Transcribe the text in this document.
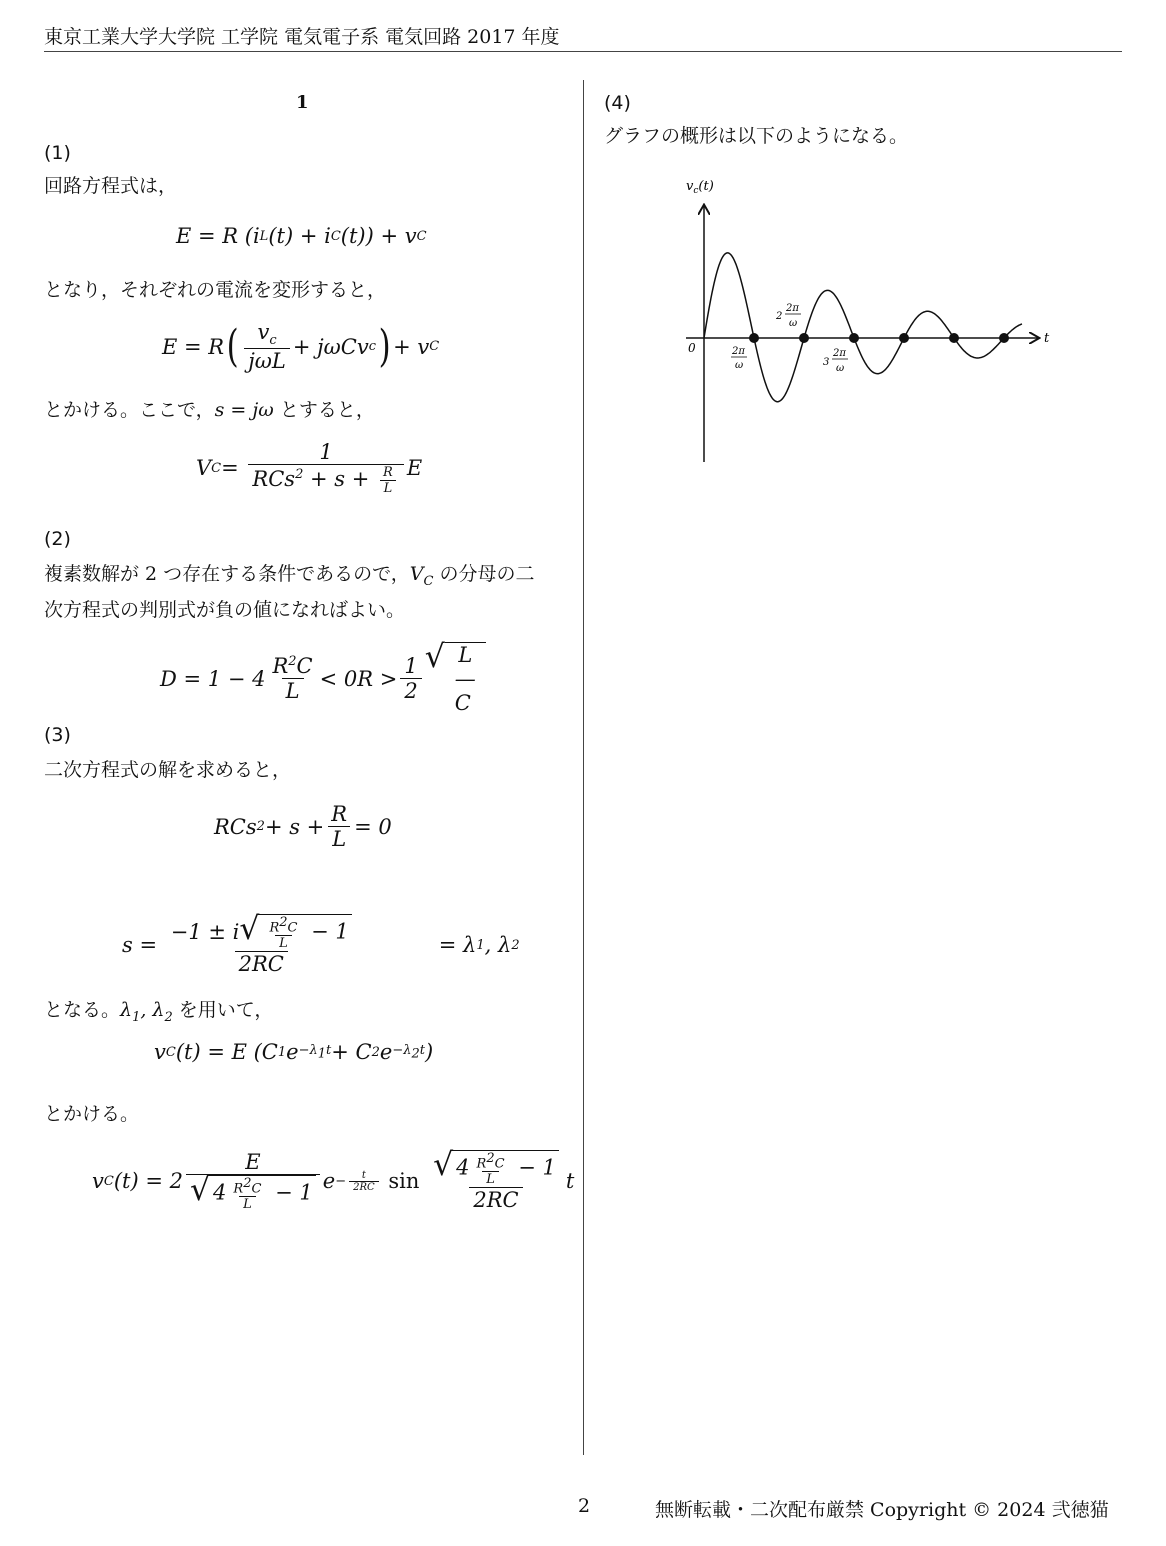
東京工業大学大学院 工学院 電気電子系 電気回路 2017 年度
1
(1)
回路方程式は，
E = R (i L (t) + i C (t)) + v C
となり，それぞれの電流を変形すると，
E = R ( $\frac{v_c}{\text{jωL}} + j\omega Cv$ c ) + v C
とかける。ここで，s = jω とすると，
V $C = \frac{1}{RCs^2 + s + \frac{R}{L}}$ E
(2)
複素数解が 2 つ存在する条件であるので，$V_C$ の分母の二
次方程式の判別式が負の値になればよい。
$D = 1 - 4 \frac{R^2C}{L} < 0R > \frac{1}{2}$ √ L
—
C
(3)
二次方程式の解を求めると，
RCs $2 + s + \frac{R}{L} = 0$
$s = \frac{-1 \pm i √ \frac{R^2C}{L} - 1}{2RC}$	= λ 1 , λ 2
となる。$\lambda_1$, $\lambda_2$ を用いて，
v C (t) = E (C 1 $e -\lambda_1t + C$ 2 $e -\lambda_2t$ )
とかける。
v C $(t) = 2 \frac{E}{√ 4 \frac{R^2C}{L} - 1}$ $e - \frac{t}{2RC}$
sin
$\frac{√ 4 \frac{R^2C}{L} - 1}{2RC}$ t
(4)
グラフの概形は以下のようになる。
$v_c(t)$
t
0	2π
ω
2
2π
ω
3
2π
ω
2	無断転載・二次配布厳禁 Copyright © 2024 弐徳猫
